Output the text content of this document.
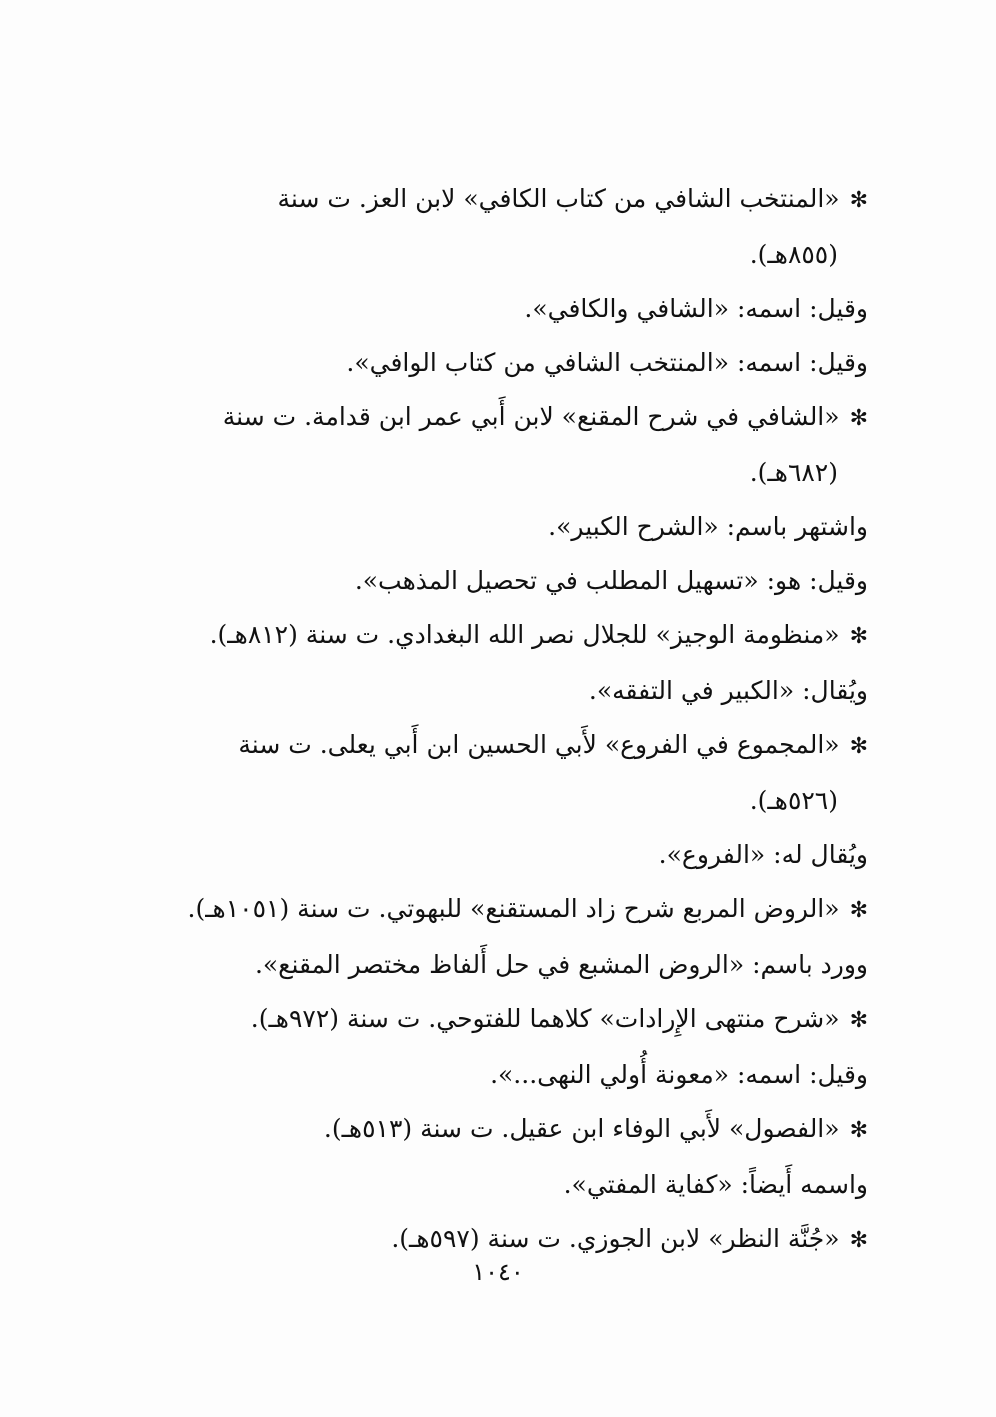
✻«المنتخب الشافي من كتاب الكافي» لابن العز. ت سنة

(٨٥٥هـ).

وقيل: اسمه: «الشافي والكافي».

وقيل: اسمه: «المنتخب الشافي من كتاب الوافي».

✻«الشافي في شرح المقنع» لابن أَبي عمر ابن قدامة. ت سنة

(٦٨٢هـ).

واشتهر باسم: «الشرح الكبير».

وقيل: هو: «تسهيل المطلب في تحصيل المذهب».

✻«منظومة الوجيز» للجلال نصر الله البغدادي. ت سنة (٨١٢هـ).

ويُقال: «الكبير في التفقه».

✻«المجموع في الفروع» لأَبي الحسين ابن أَبي يعلى. ت سنة

(٥٢٦هـ).

ويُقال له: «الفروع».

✻«الروض المربع شرح زاد المستقنع» للبهوتي. ت سنة (١٠٥١هـ).

وورد باسم: «الروض المشبع في حل أَلفاظ مختصر المقنع».

✻«شرح منتهى الإِرادات» كلاهما للفتوحي. ت سنة (٩٧٢هـ).

وقيل: اسمه: «معونة أُولي النهى...».

✻«الفصول» لأَبي الوفاء ابن عقيل. ت سنة (٥١٣هـ).

واسمه أَيضاً: «كفاية المفتي».

✻«جُنَّة النظر» لابن الجوزي. ت سنة (٥٩٧هـ).

١٠٤٠
